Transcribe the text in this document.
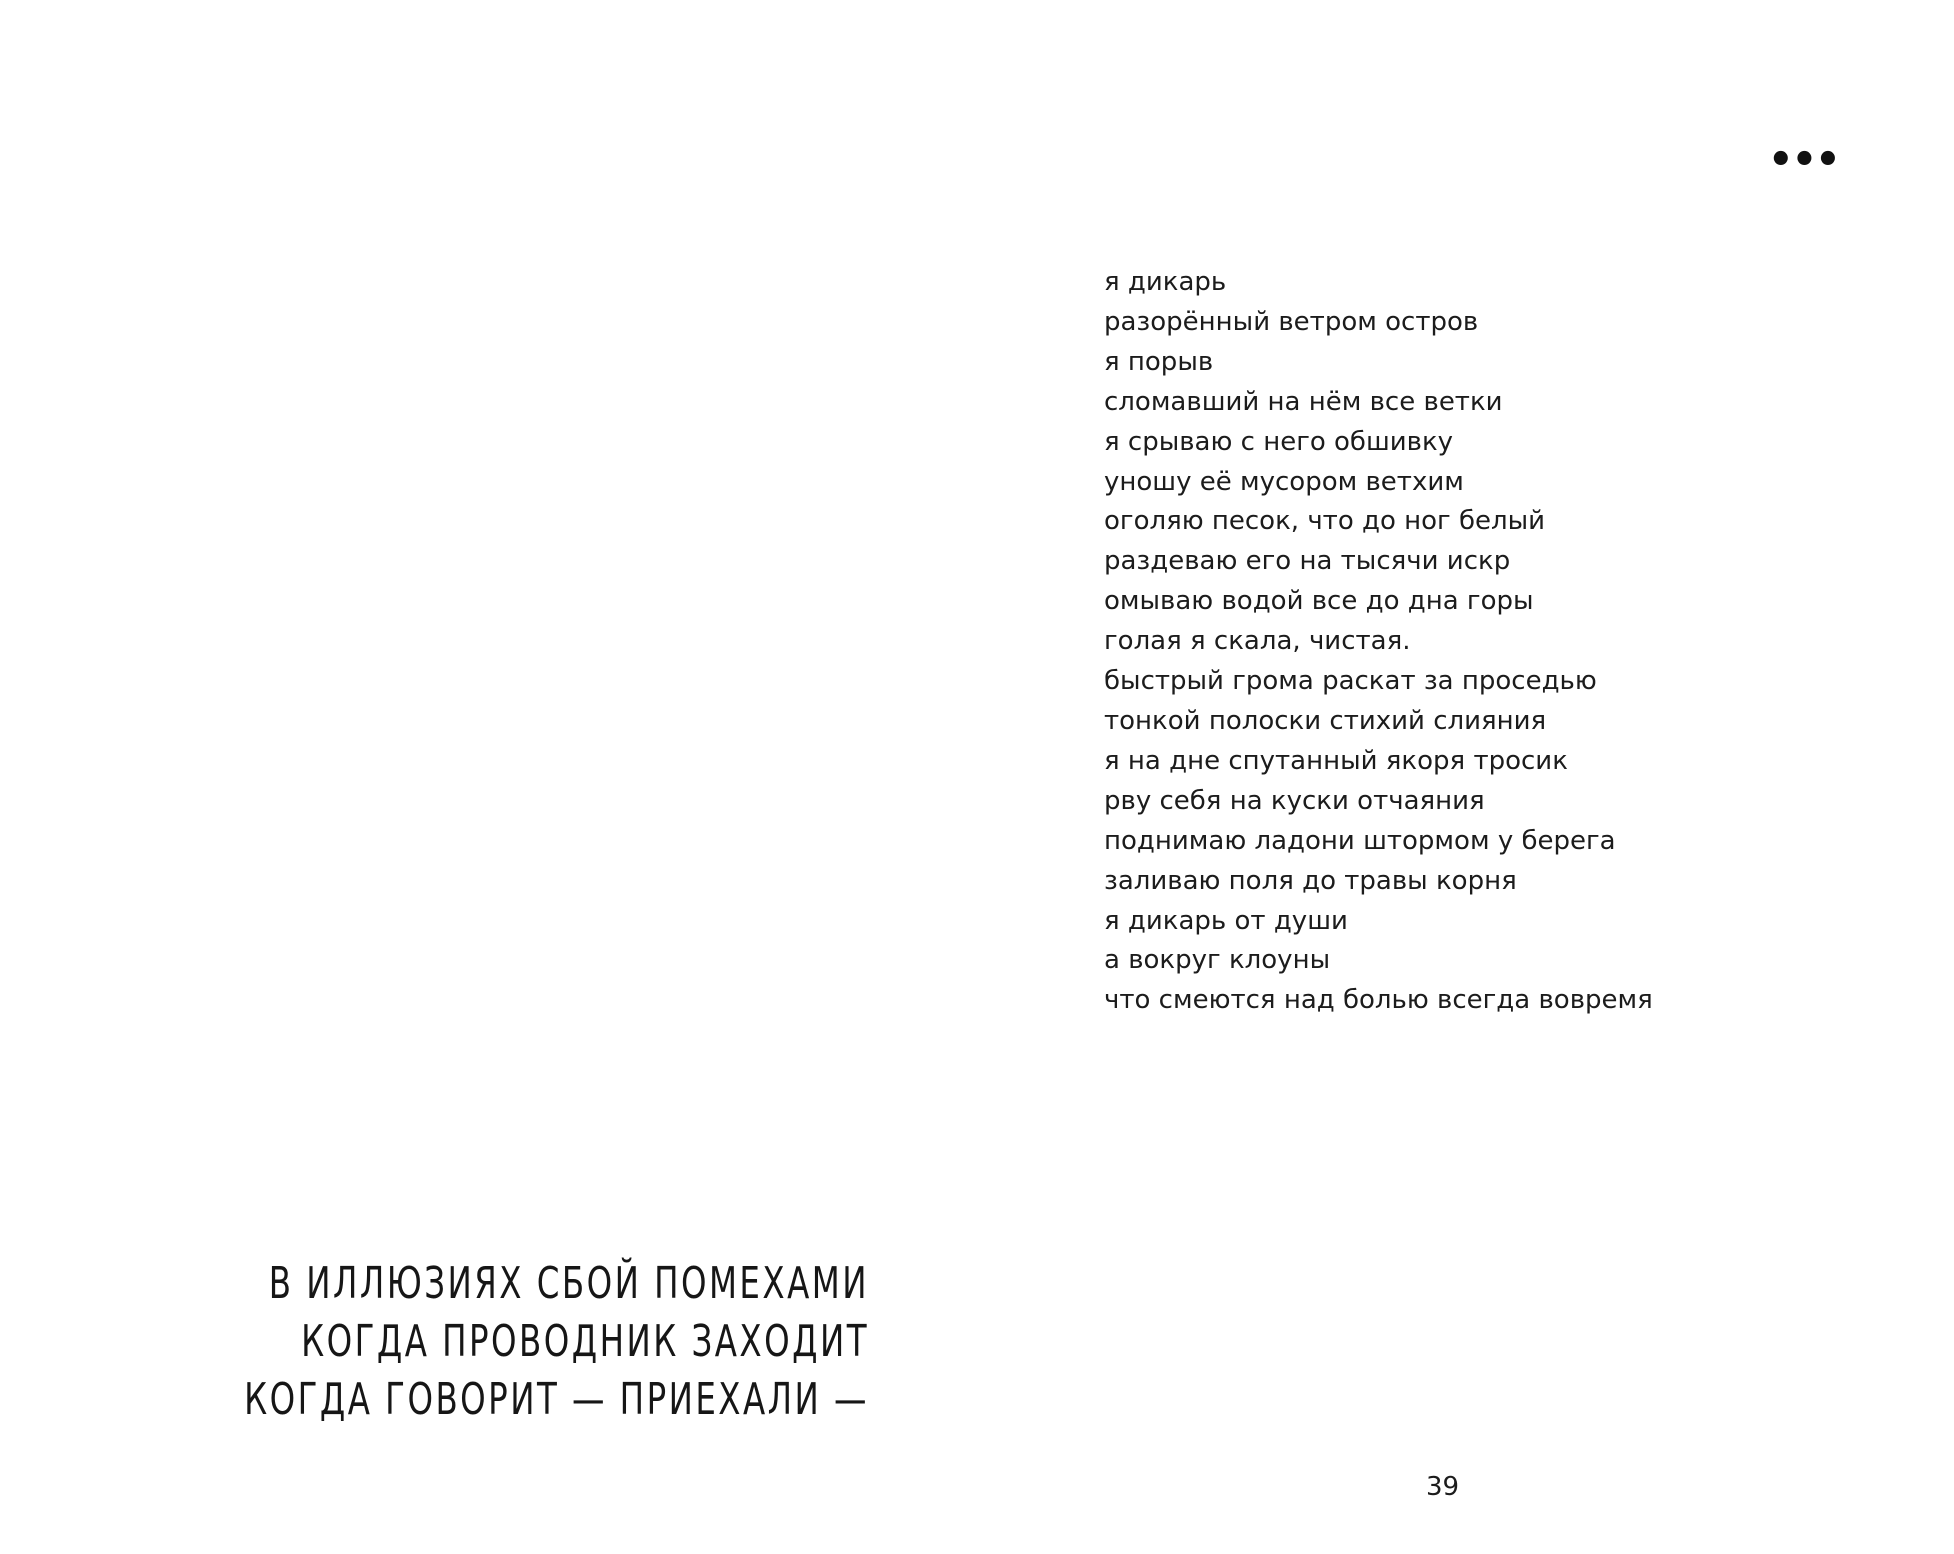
•••
я дикарь
разорённый ветром остров
я порыв
сломавший на нём все ветки
я срываю с него обшивку
уношу её мусором ветхим
оголяю песок, что до ног белый
раздеваю его на тысячи искр
омываю водой все до дна горы
голая я скала, чистая.
быстрый грома раскат за проседью
тонкой полоски стихий слияния
я на дне спутанный якоря тросик
рву себя на куски отчаяния
поднимаю ладони штормом у берега
заливаю поля до травы корня
я дикарь от души
а вокруг клоуны
что смеются над болью всегда вовремя
В ИЛЛЮЗИЯХ СБОЙ ПОМЕХАМИ
КОГДА ПРОВОДНИК ЗАХОДИТ
КОГДА ГОВОРИТ — ПРИЕХАЛИ —
39
